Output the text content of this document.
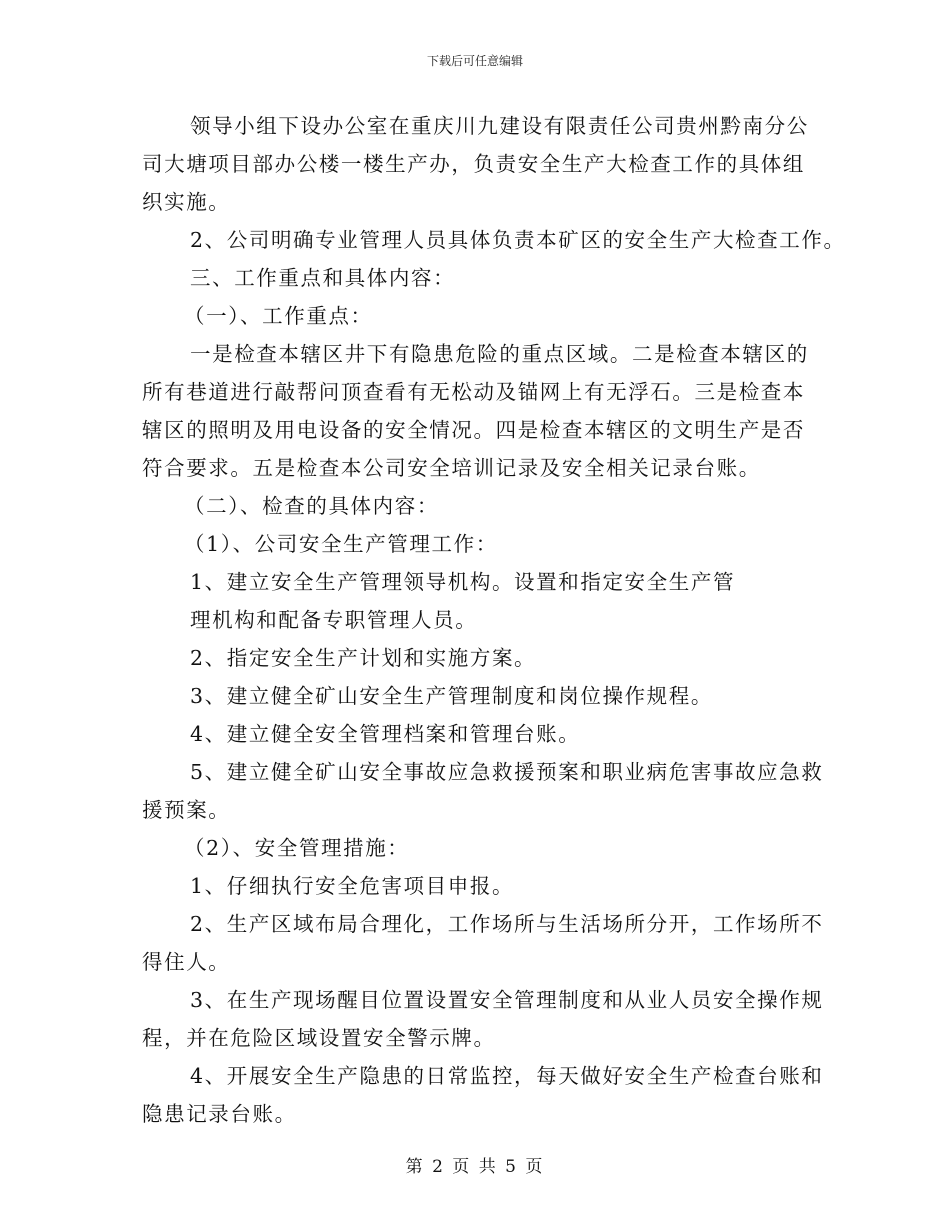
下载后可任意编辑
领导小组下设办公室在重庆川九建设有限责任公司贵州黔南分公
司大塘项目部办公楼一楼生产办，负责安全生产大检查工作的具体组
织实施。
2、公司明确专业管理人员具体负责本矿区的安全生产大检查工作。
三、工作重点和具体内容：
（一）、工作重点：
一是检查本辖区井下有隐患危险的重点区域。二是检查本辖区的
所有巷道进行敲帮问顶查看有无松动及锚网上有无浮石。三是检查本
辖区的照明及用电设备的安全情况。四是检查本辖区的文明生产是否
符合要求。五是检查本公司安全培训记录及安全相关记录台账。
（二）、检查的具体内容：
（1）、公司安全生产管理工作：
1、建立安全生产管理领导机构。设置和指定安全生产管
理机构和配备专职管理人员。
2、指定安全生产计划和实施方案。
3、建立健全矿山安全生产管理制度和岗位操作规程。
4、建立健全安全管理档案和管理台账。
5、建立健全矿山安全事故应急救援预案和职业病危害事故应急救
援预案。
（2）、安全管理措施：
1、仔细执行安全危害项目申报。
2、生产区域布局合理化，工作场所与生活场所分开，工作场所不
得住人。
3、在生产现场醒目位置设置安全管理制度和从业人员安全操作规
程，并在危险区域设置安全警示牌。
4、开展安全生产隐患的日常监控，每天做好安全生产检查台账和
隐患记录台账。
第 2 页 共 5 页
